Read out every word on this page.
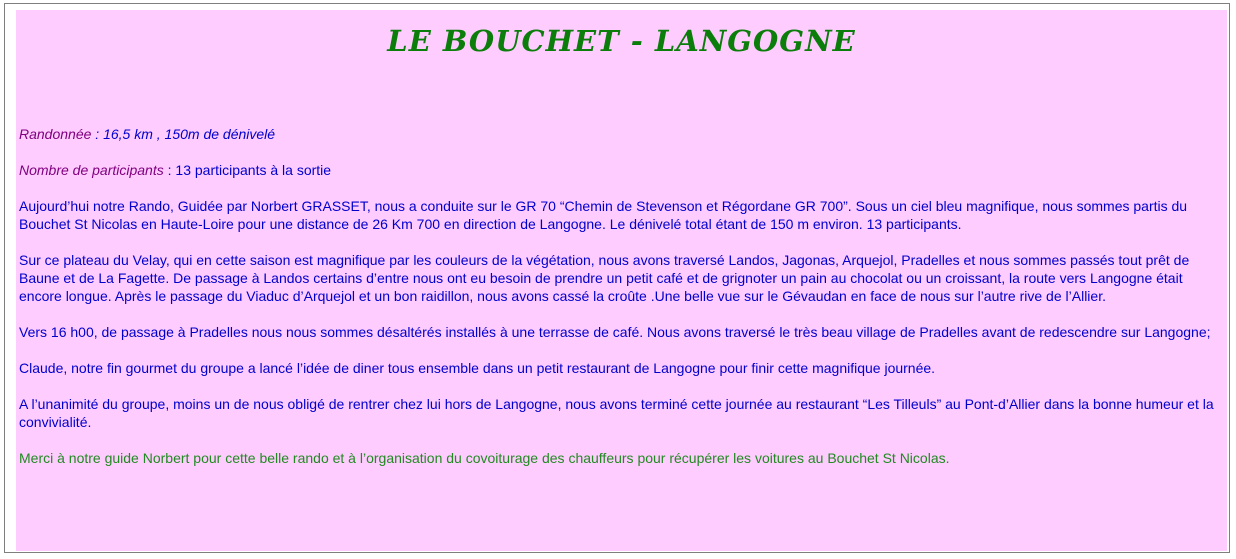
LE BOUCHET - LANGOGNE

Randonnée : 16,5 km , 150m de dénivelé

Nombre de participants : 13 participants à la sortie

Aujourd’hui notre Rando, Guidée par Norbert GRASSET, nous a conduite sur le GR 70 “Chemin de Stevenson et Régordane GR 700”. Sous un ciel bleu magnifique, nous sommes partis du Bouchet St Nicolas en Haute-Loire pour une distance de 26 Km 700 en direction de Langogne. Le dénivelé total étant de 150 m environ. 13 participants.

Sur ce plateau du Velay, qui en cette saison est magnifique par les couleurs de la végétation, nous avons traversé Landos, Jagonas, Arquejol, Pradelles et nous sommes passés tout prêt de Baune et de La Fagette. De passage à Landos certains d’entre nous ont eu besoin de prendre un petit café et de grignoter un pain au chocolat ou un croissant, la route vers Langogne était encore longue. Après le passage du Viaduc d’Arquejol et un bon raidillon, nous avons cassé la croûte .Une belle vue sur le Gévaudan en face de nous sur l’autre rive de l’Allier.

Vers 16 h00, de passage à Pradelles nous nous sommes désaltérés installés à une terrasse de café. Nous avons traversé le très beau village de Pradelles avant de redescendre sur Langogne;

Claude, notre fin gourmet du groupe a lancé l’idée de diner tous ensemble dans un petit restaurant de Langogne pour finir cette magnifique journée.

A l’unanimité du groupe, moins un de nous obligé de rentrer chez lui hors de Langogne, nous avons terminé cette journée au restaurant “Les Tilleuls” au Pont-d’Allier dans la bonne humeur et la convivialité.

Merci à notre guide Norbert pour cette belle rando et à l’organisation du covoiturage des chauffeurs pour récupérer les voitures au Bouchet St Nicolas.
